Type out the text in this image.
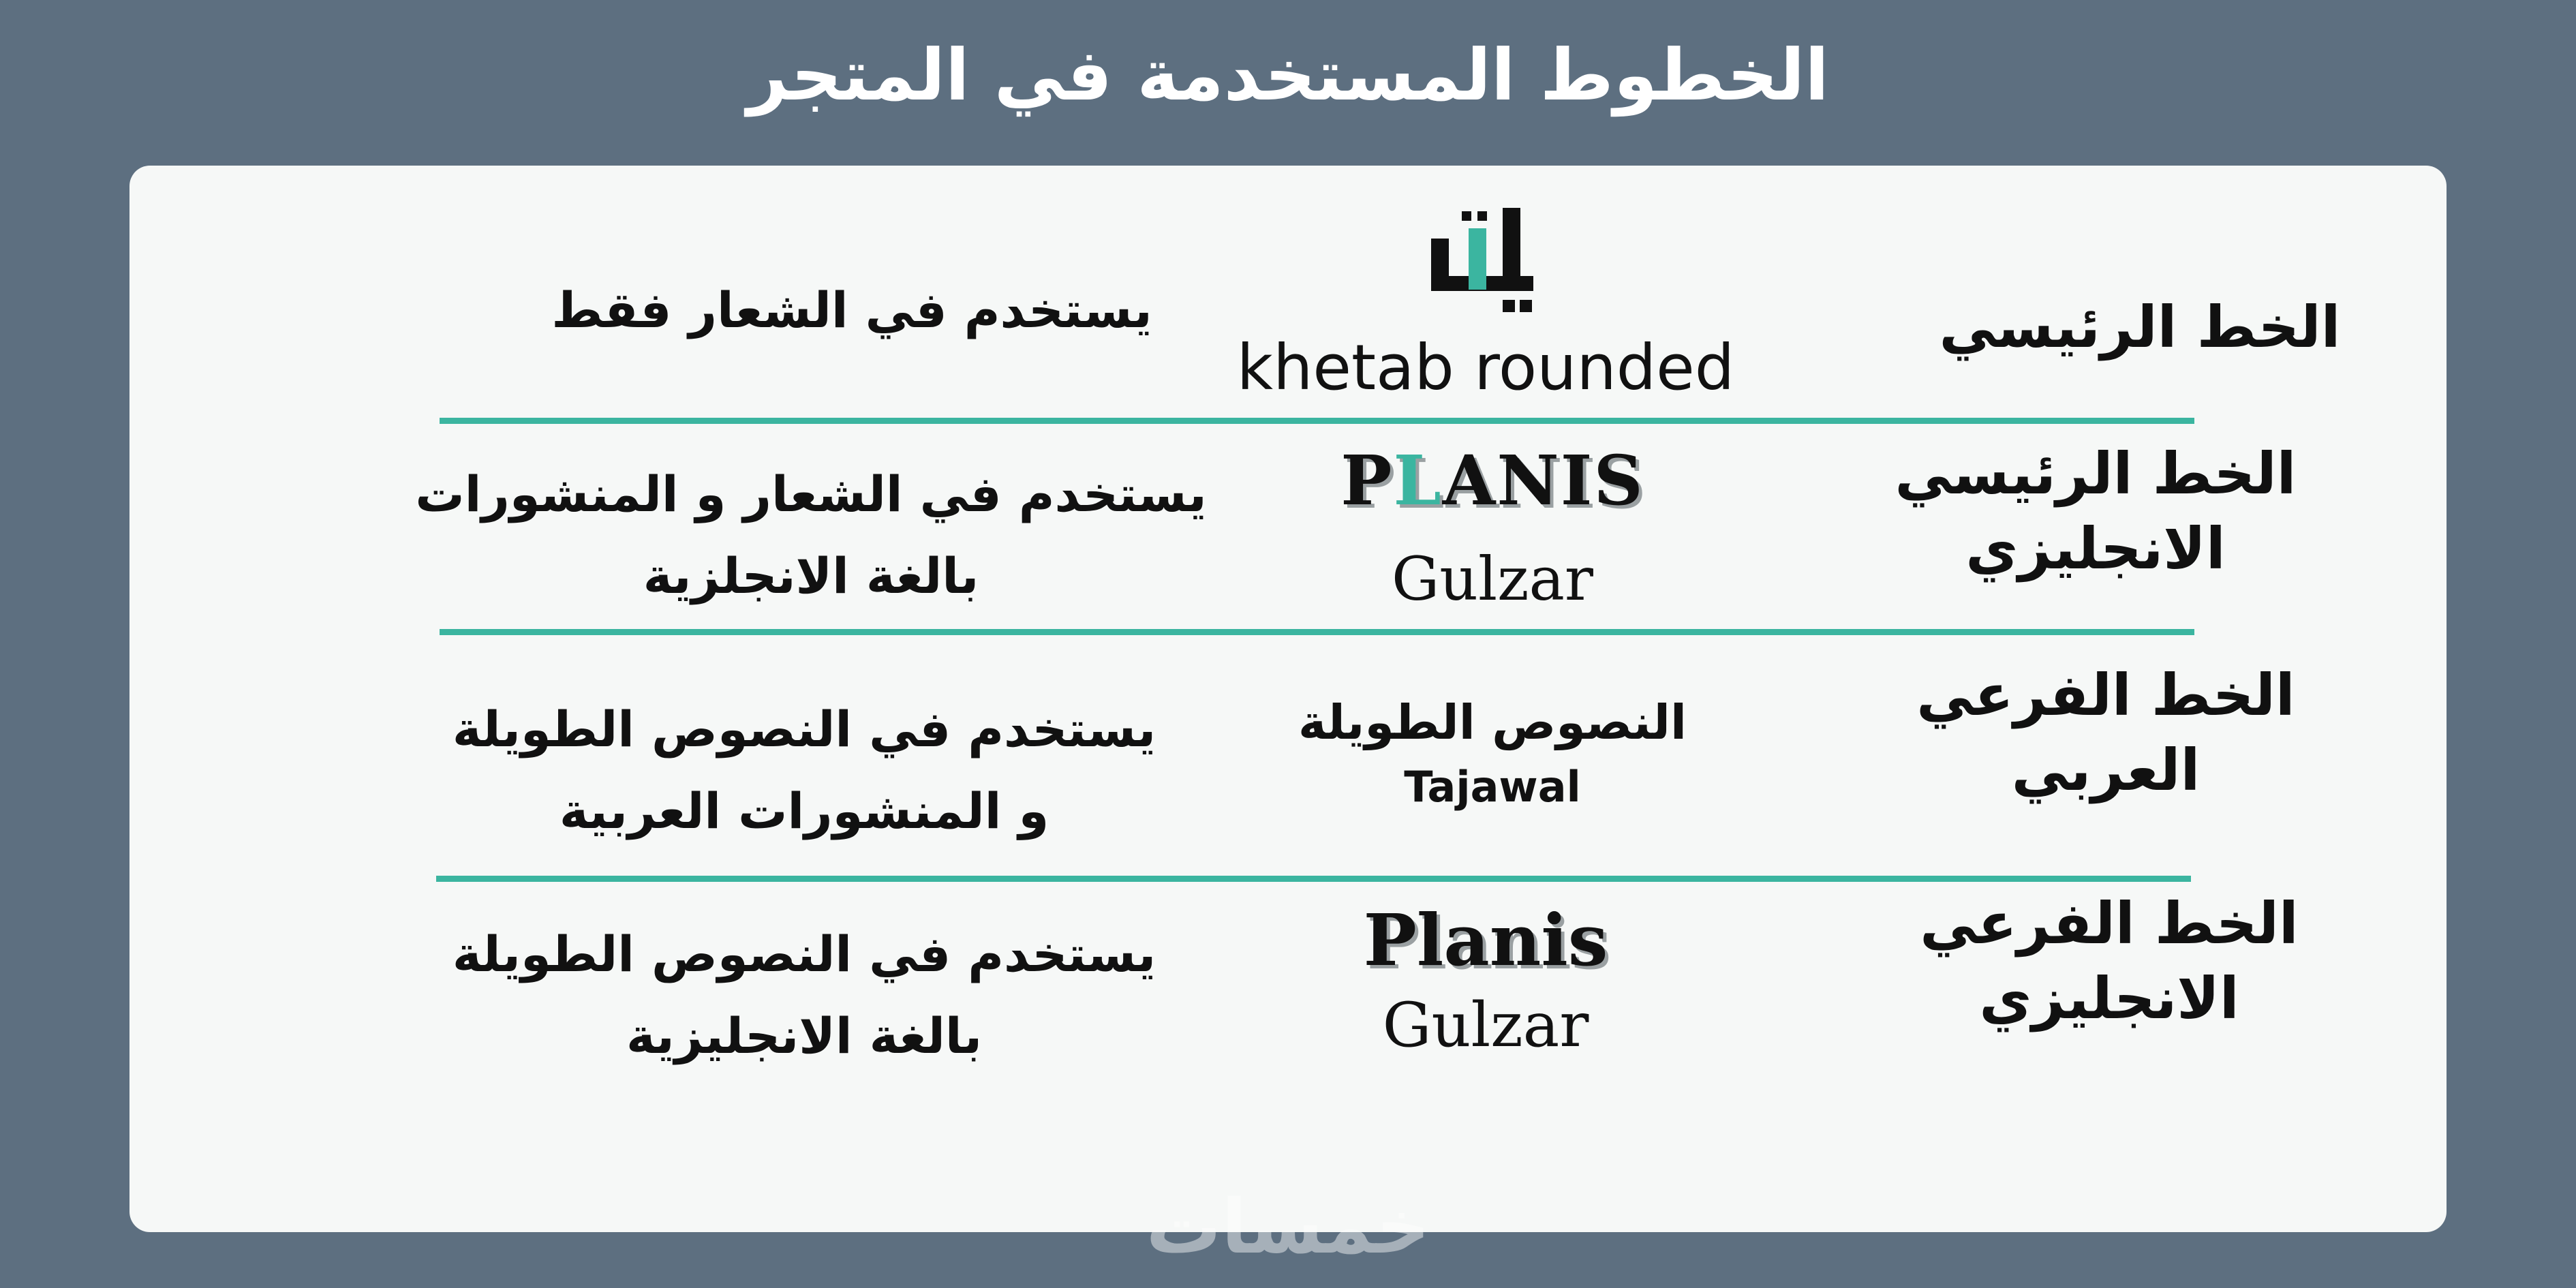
الخطوط المستخدمة في المتجر
الخط الرئيسي
khetab rounded
يستخدم في الشعار فقط
الخط الرئيسي الانجليزي
PLANIS
Gulzar
يستخدم في الشعار و المنشورات
بالغة الانجلزية
الخط الفرعي العربي
النصوص الطويلة
Tajawal
يستخدم في النصوص الطويلة
و المنشورات العربية
الخط الفرعي الانجليزي
Planis
Gulzar
يستخدم في النصوص الطويلة
بالغة الانجليزية
خمسات
